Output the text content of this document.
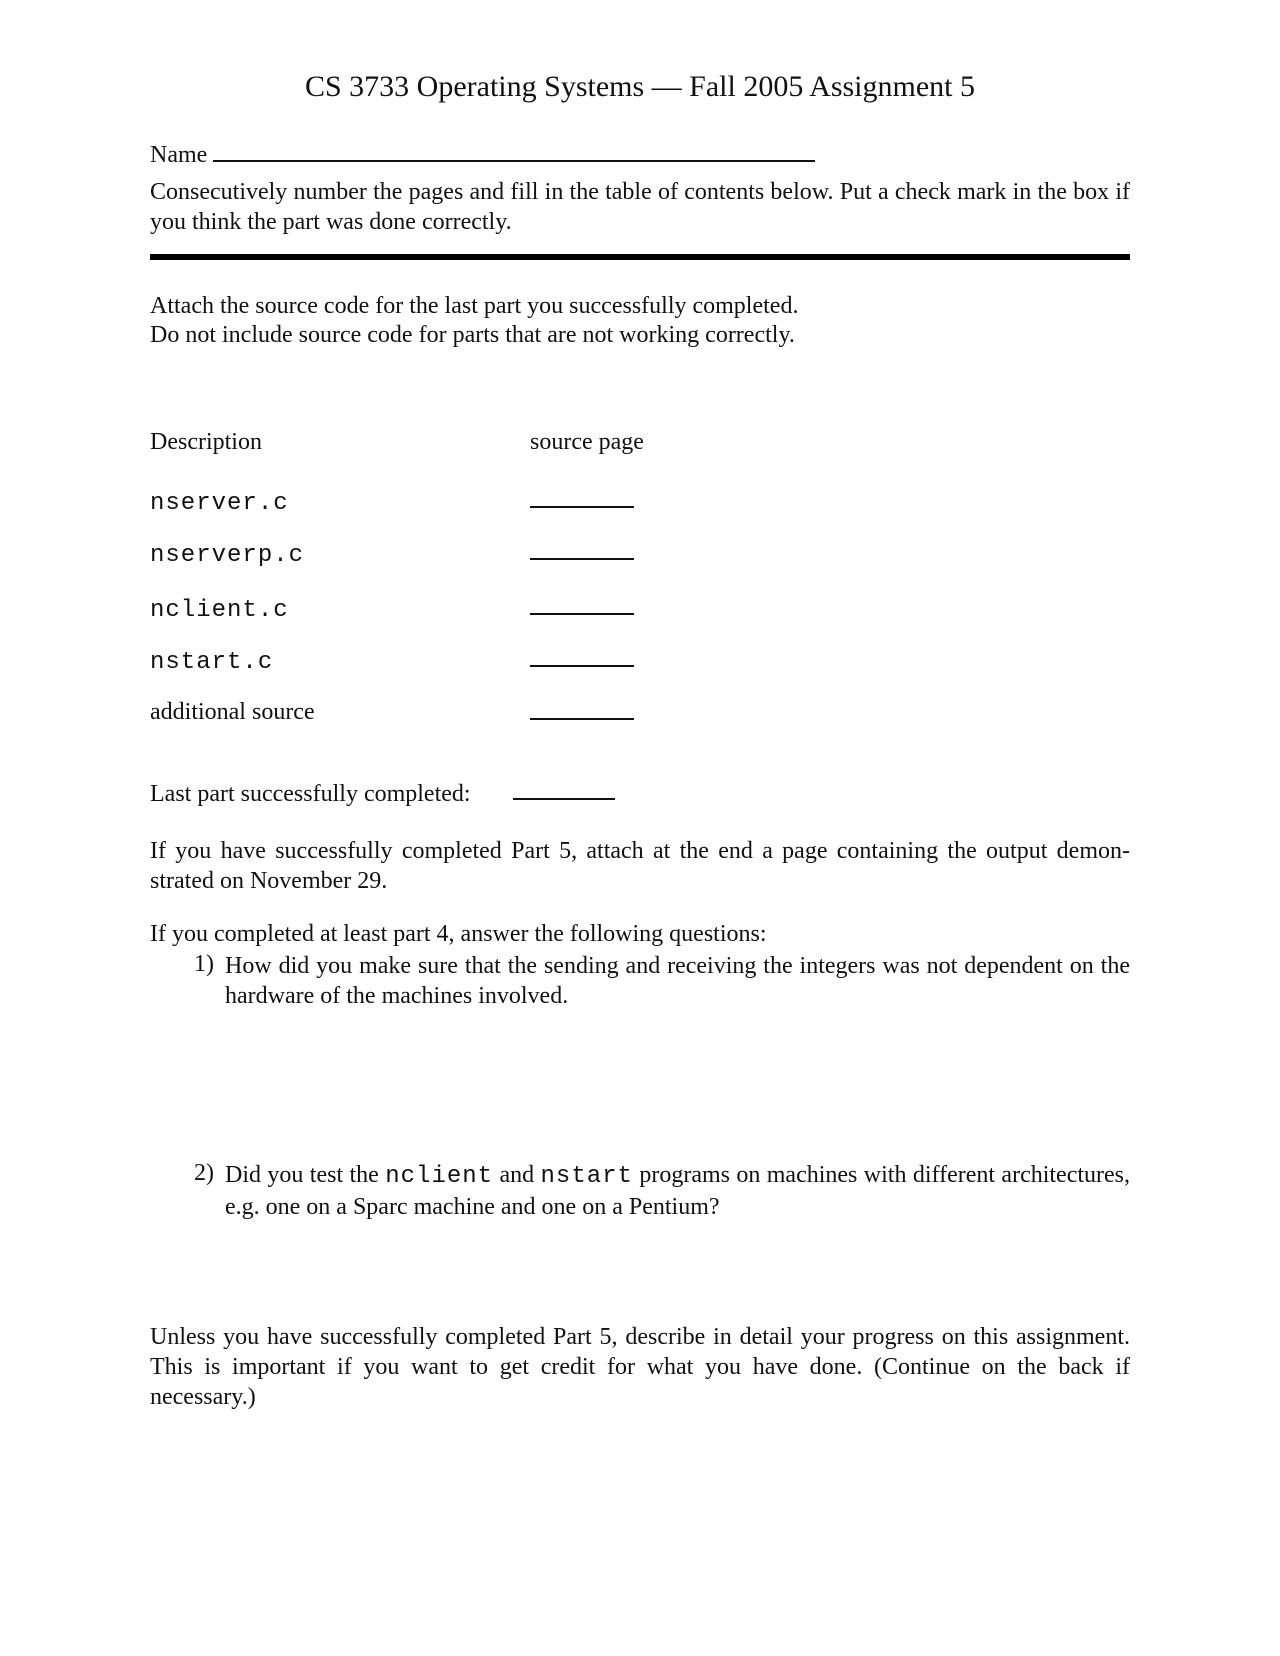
CS 3733 Operating Systems — Fall 2005 Assignment 5
Name
Consecutively number the pages and fill in the table of contents below. Put a check mark in the box if you think the part was done correctly.
Attach the source code for the last part you successfully completed.
Do not include source code for parts that are not working correctly.
Description	source page
nserver.c
nserverp.c
nclient.c
nstart.c
additional source
Last part successfully completed:
If you have successfully completed Part 5, attach at the end a page containing the output demon- strated on November 29.
If you completed at least part 4, answer the following questions:
1) How did you make sure that the sending and receiving the integers was not dependent on the hardware of the machines involved.
2) Did you test the nclient and nstart programs on machines with different architectures, e.g. one on a Sparc machine and one on a Pentium?
Unless you have successfully completed Part 5, describe in detail your progress on this assignment. This is important if you want to get credit for what you have done. (Continue on the back if necessary.)
